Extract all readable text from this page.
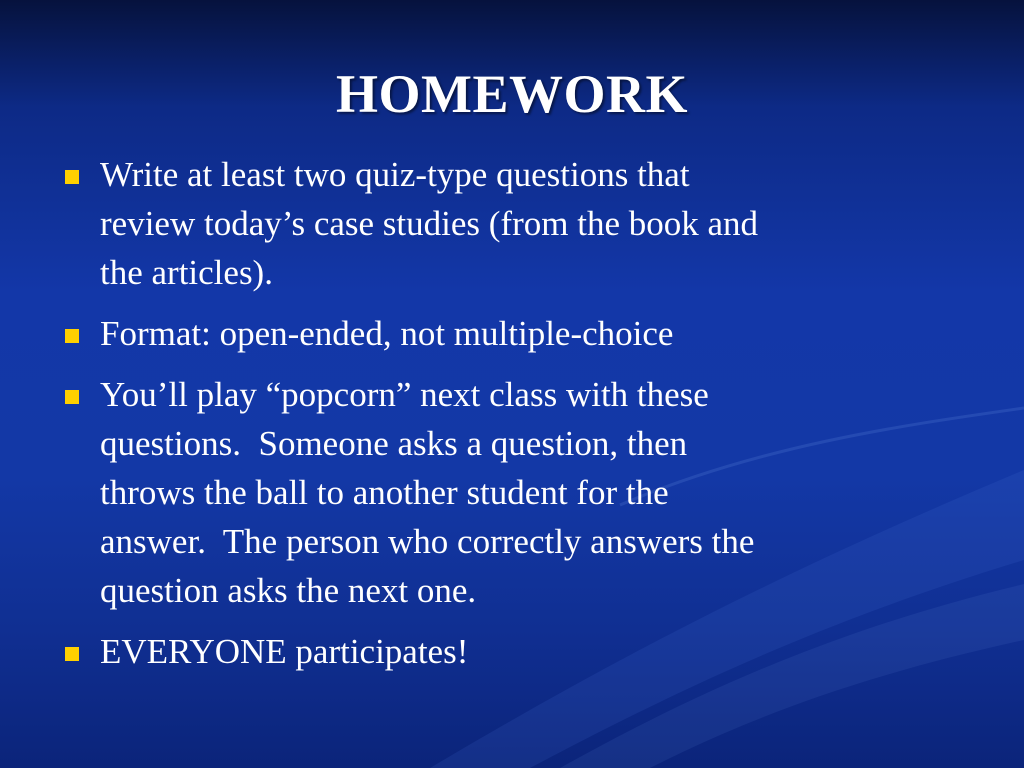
HOMEWORK
Write at least two quiz-type questions that
review today’s case studies (from the book and
the articles).
Format: open-ended, not multiple-choice
You’ll play “popcorn” next class with these
questions.  Someone asks a question, then
throws the ball to another student for the
answer.  The person who correctly answers the
question asks the next one.
EVERYONE participates!
